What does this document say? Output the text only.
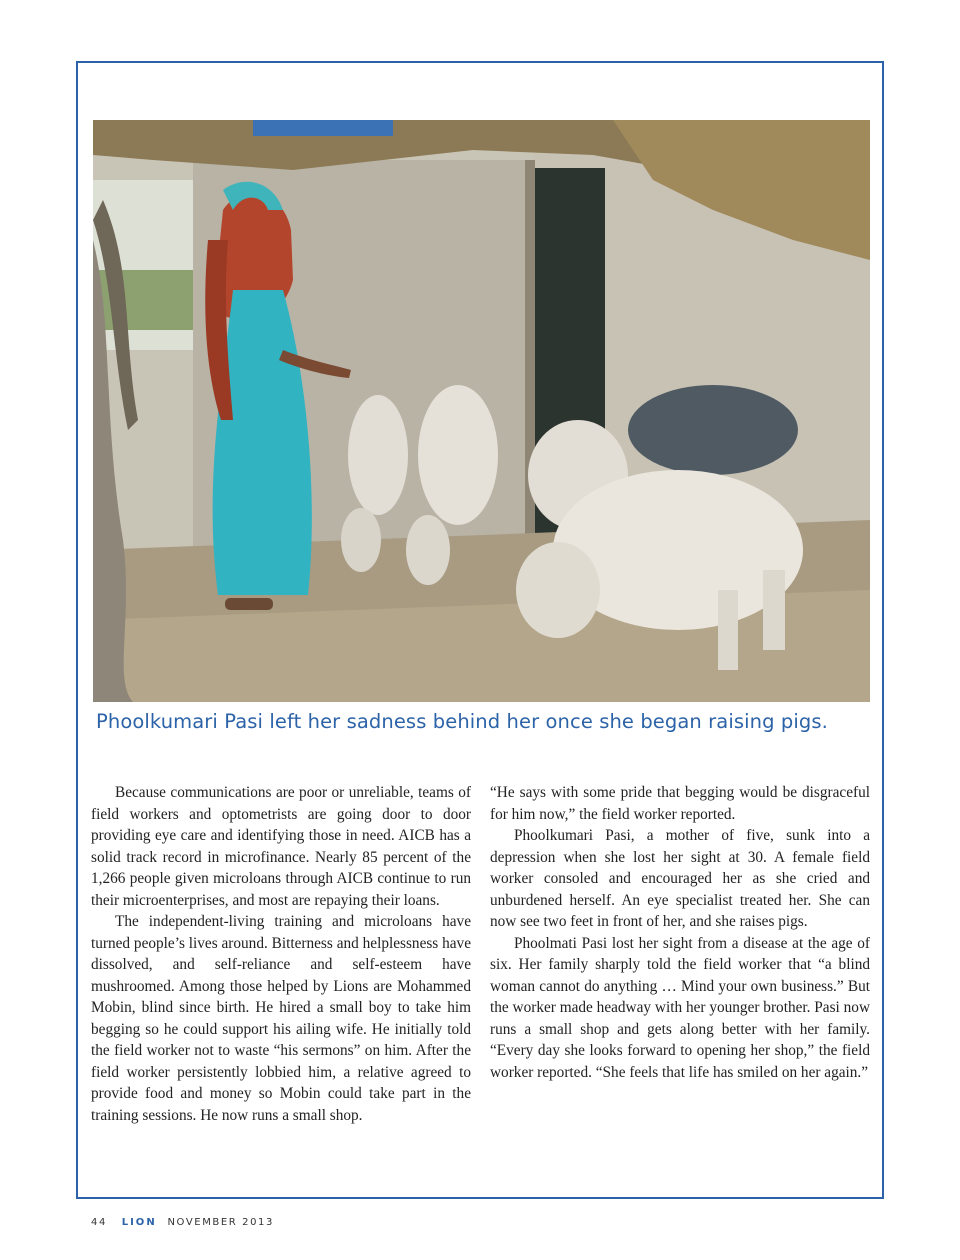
Phoolkumari Pasi left her sadness behind her once she began raising pigs.

Because communications are poor or unreliable, teams of field workers and optometrists are going door to door providing eye care and identifying those in need. AICB has a solid track record in microfinance. Nearly 85 percent of the 1,266 people given microloans through AICB continue to run their microenterprises, and most are repaying their loans.

The independent-living training and microloans have turned people’s lives around. Bitterness and helplessness have dissolved, and self-reliance and self-esteem have mushroomed. Among those helped by Lions are Mohammed Mobin, blind since birth. He hired a small boy to take him begging so he could support his ailing wife. He initially told the field worker not to waste “his sermons” on him. After the field worker persistently lobbied him, a relative agreed to provide food and money so Mobin could take part in the training sessions. He now runs a small shop.

“He says with some pride that begging would be disgraceful for him now,” the field worker reported.

Phoolkumari Pasi, a mother of five, sunk into a depression when she lost her sight at 30. A female field worker consoled and encouraged her as she cried and unburdened herself. An eye specialist treated her. She can now see two feet in front of her, and she raises pigs.

Phoolmati Pasi lost her sight from a disease at the age of six. Her family sharply told the field worker that “a blind woman cannot do anything … Mind your own business.” But the worker made headway with her younger brother. Pasi now runs a small shop and gets along better with her family. “Every day she looks forward to opening her shop,” the field worker reported. “She feels that life has smiled on her again.”

44 LION NOVEMBER 2013
